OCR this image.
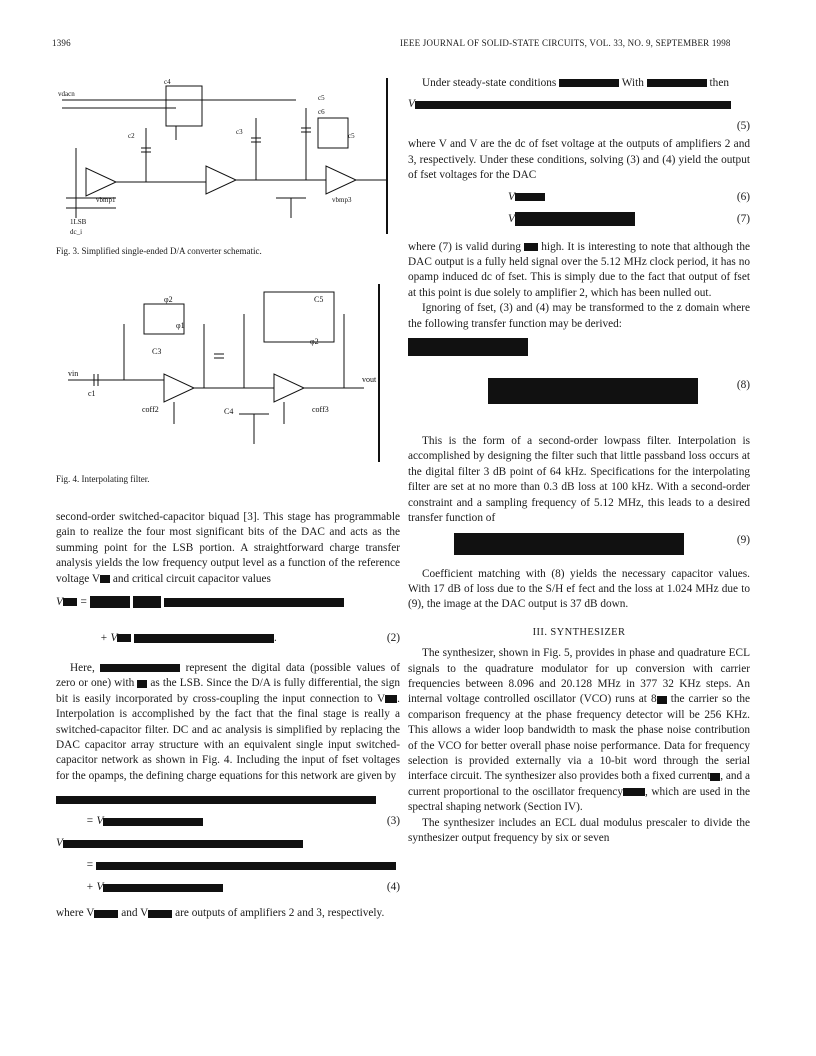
1396	IEEE JOURNAL OF SOLID-STATE CIRCUITS, VOL. 33, NO. 9, SEPTEMBER 1998
vdacn	c5
c6
c5
c4
c3
c2
vbmp1	vbmp3
1LSB
dc_i
Fig. 3. Simplified single-ended D/A converter schematic.
φ2
φ1
C3
vin
c1
coff2	C4
C5
φ2
coff3
vout
Fig. 4. Interpolating filter.

second-order switched-capacitor biquad [3]. This stage has programmable gain to realize the four most significant bits of the DAC and acts as the summing point for the LSB portion. A straightforward charge transfer analysis yields the low frequency output level as a function of the reference voltage V and critical circuit capacitor values

V =
+ V	.	(2)

Here,	represent the digital data (possible values of zero or one) with  as the LSB. Since the D/A is fully differential, the sign bit is easily incorporated by cross-coupling the input connection to V . Interpolation is accomplished by the fact that the final stage is really a switched-capacitor filter. DC and ac analysis is simplified by replacing the DAC capacitor array structure with an equivalent single input switched-capacitor network as shown in Fig. 4. Including the input of fset voltages for the opamps, the defining charge equations for this network are given by

= V	(3)
V
=
+ V	(4)

where V and V are outputs of amplifiers 2 and 3, respectively.

Under steady-state conditions	With	then

V
(5)

where V and V are the dc of fset voltage at the outputs of amplifiers 2 and 3, respectively. Under these conditions, solving (3) and (4) yield the output of fset voltages for the DAC

V	(6)
V	(7)

where (7) is valid during  high. It is interesting to note that although the DAC output is a fully held signal over the 5.12 MHz clock period, it has no opamp induced dc of fset. This is simply due to the fact that output of fset at this point is due solely to amplifier 2, which has been nulled out.

Ignoring of fset, (3) and (4) may be transformed to the z domain where the following transfer function may be derived:

(8)

This is the form of a second-order lowpass filter. Interpolation is accomplished by designing the filter such that little passband loss occurs at the digital filter 3 dB point of 64 kHz. Specifications for the interpolating filter are set at no more than 0.3 dB loss at 100 kHz. With a second-order constraint and a sampling frequency of 5.12 MHz, this leads to a desired transfer function of

(9)

Coefficient matching with (8) yields the necessary capacitor values. With 17 dB of loss due to the S/H ef fect and the loss at 1.024 MHz due to (9), the image at the DAC output is 37 dB down.

III. SYNTHESIZER

The synthesizer, shown in Fig. 5, provides in phase and quadrature ECL signals to the quadrature modulator for up conversion with carrier frequencies between 8.096 and 20.128 MHz in 377 32 KHz steps. An internal voltage controlled oscillator (VCO) runs at 8 the carrier so the comparison frequency at the phase frequency detector will be 256 KHz. This allows a wider loop bandwidth to mask the phase noise contribution of the VCO for better overall phase noise performance. Data for frequency selection is provided externally via a 10-bit word through the serial interface circuit. The synthesizer also provides both a fixed current , and a current proportional to the oscillator frequency , which are used in the spectral shaping network (Section IV).

The synthesizer includes an ECL dual modulus prescaler to divide the synthesizer output frequency by six or seven
